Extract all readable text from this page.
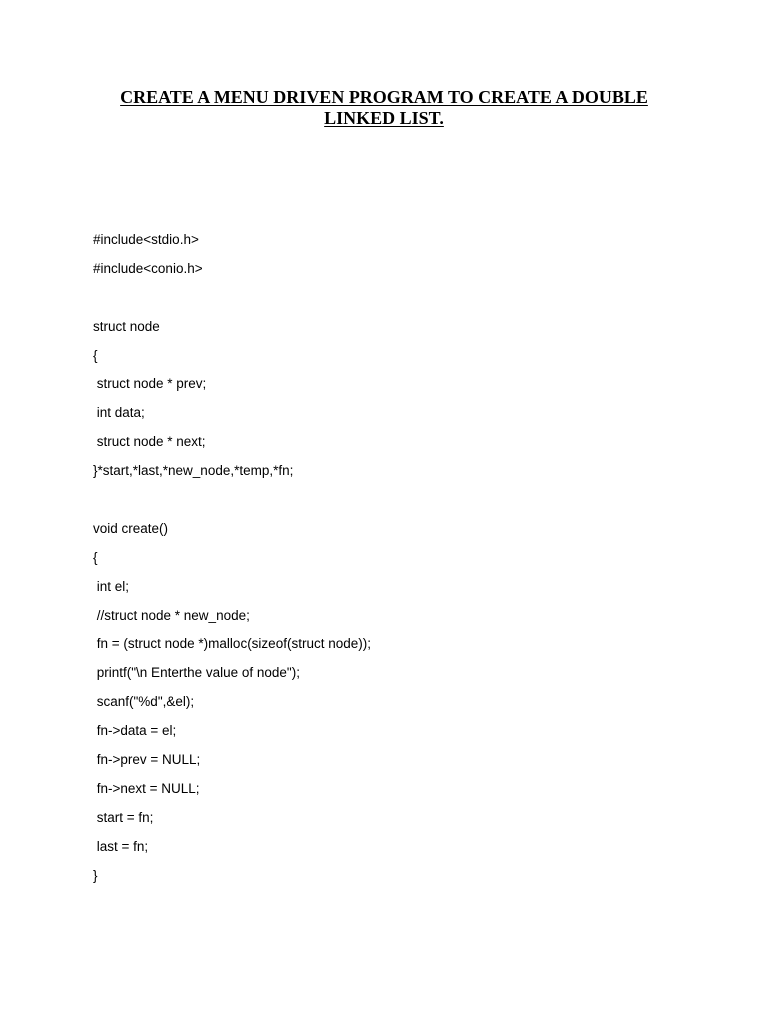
CREATE A MENU DRIVEN PROGRAM TO CREATE A DOUBLE
LINKED LIST.
#include<stdio.h>
#include<conio.h>
struct node
{
struct node * prev;
int data;
struct node * next;
}*start,*last,*new_node,*temp,*fn;
void create()
{
int el;
//struct node * new_node;
fn = (struct node *)malloc(sizeof(struct node));
printf("\n Enterthe value of node");
scanf("%d",&el);
fn->data = el;
fn->prev = NULL;
fn->next = NULL;
start = fn;
last = fn;
}
